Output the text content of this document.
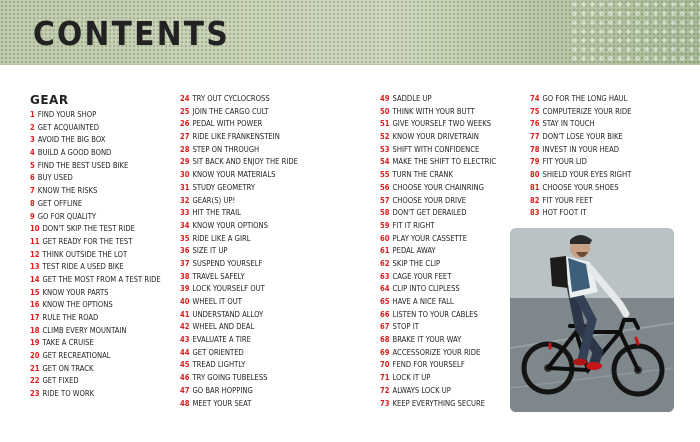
CONTENTS
GEAR
1 FIND YOUR SHOP
2 GET ACQUAINTED
3 AVOID THE BIG BOX
4 BUILD A GOOD BOND
5 FIND THE BEST USED BIKE
6 BUY USED
7 KNOW THE RISKS
8 GET OFFLINE
9 GO FOR QUALITY
10 DON'T SKIP THE TEST RIDE
11 GET READY FOR THE TEST
12 THINK OUTSIDE THE LOT
13 TEST RIDE A USED BIKE
14 GET THE MOST FROM A TEST RIDE
15 KNOW YOUR PARTS
16 KNOW THE OPTIONS
17 RULE THE ROAD
18 CLIMB EVERY MOUNTAIN
19 TAKE A CRUISE
20 GET RECREATIONAL
21 GET ON TRACK
22 GET FIXED
23 RIDE TO WORK
24 TRY OUT CYCLOCROSS
25 JOIN THE CARGO CULT
26 PEDAL WITH POWER
27 RIDE LIKE FRANKENSTEIN
28 STEP ON THROUGH
29 SIT BACK AND ENJOY THE RIDE
30 KNOW YOUR MATERIALS
31 STUDY GEOMETRY
32 GEAR(S) UP!
33 HIT THE TRAIL
34 KNOW YOUR OPTIONS
35 RIDE LIKE A GIRL
36 SIZE IT UP
37 SUSPEND YOURSELF
38 TRAVEL SAFELY
39 LOCK YOURSELF OUT
40 WHEEL IT OUT
41 UNDERSTAND ALLOY
42 WHEEL AND DEAL
43 EVALUATE A TIRE
44 GET ORIENTED
45 TREAD LIGHTLY
46 TRY GOING TUBELESS
47 GO BAR HOPPING
48 MEET YOUR SEAT
49 SADDLE UP
50 THINK WITH YOUR BUTT
51 GIVE YOURSELF TWO WEEKS
52 KNOW YOUR DRIVETRAIN
53 SHIFT WITH CONFIDENCE
54 MAKE THE SHIFT TO ELECTRIC
55 TURN THE CRANK
56 CHOOSE YOUR CHAINRING
57 CHOOSE YOUR DRIVE
58 DON'T GET DERAILED
59 FIT IT RIGHT
60 PLAY YOUR CASSETTE
61 PEDAL AWAY
62 SKIP THE CLIP
63 CAGE YOUR FEET
64 CLIP INTO CLIPLESS
65 HAVE A NICE FALL
66 LISTEN TO YOUR CABLES
67 STOP IT
68 BRAKE IT YOUR WAY
69 ACCESSORIZE YOUR RIDE
70 FEND FOR YOURSELF
71 LOCK IT UP
72 ALWAYS LOCK UP
73 KEEP EVERYTHING SECURE
74 GO FOR THE LONG HAUL
75 COMPUTERIZE YOUR RIDE
76 STAY IN TOUCH
77 DON'T LOSE YOUR BIKE
78 INVEST IN YOUR HEAD
79 FIT YOUR LID
80 SHIELD YOUR EYES RIGHT
81 CHOOSE YOUR SHOES
82 FIT YOUR FEET
83 HOT FOOT IT
